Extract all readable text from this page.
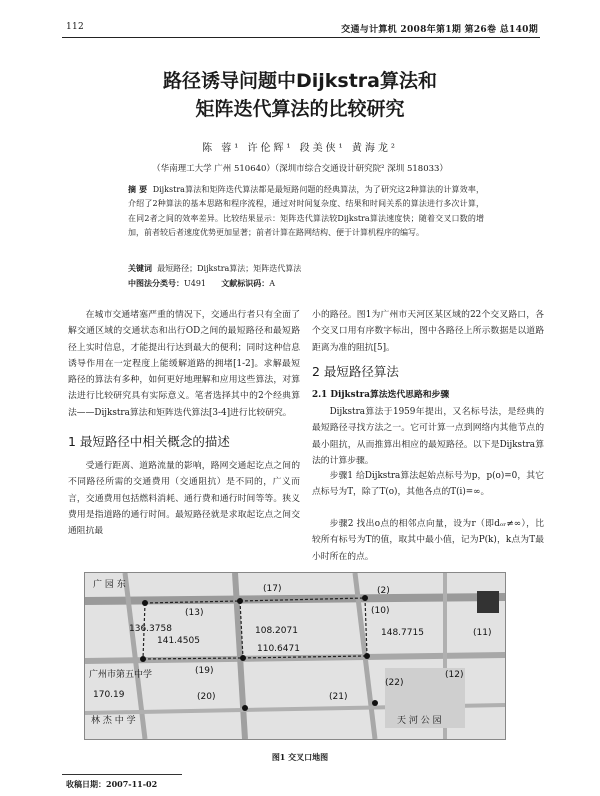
112	交通与计算机 2008年第1期 第26卷 总140期
路径诱导问题中Dijkstra算法和
矩阵迭代算法的比较研究
陈 蓉¹ 许伦辉¹ 段美侠¹ 黄海龙²
（华南理工大学 广州 510640）（深圳市综合交通设计研究院² 深圳 518033）
摘 要 Dijkstra算法和矩阵迭代算法都是最短路问题的经典算法，为了研究这2种算法的计算效率，介绍了2种算法的基本思路和程序流程，通过对时间复杂度、结果和时间关系的算法进行多次计算，在同2者之间的效率差异。比较结果显示：矩阵迭代算法较Dijkstra算法速度快；随着交叉口数的增加，前者较后者速度优势更加显著；前者计算在路网结构、便于计算机程序的编写。
关键词 最短路径；Dijkstra算法；矩阵迭代算法
中图法分类号：U491 文献标识码：A
在城市交通堵塞严重的情况下，交通出行者只有全面了解交通区域的交通状态和出行OD之间的最短路径和最短路径上实时信息，才能提出行达到最大的便利；同时这种信息诱导作用在一定程度上能缓解道路的拥堵[1-2]。求解最短路径的算法有多种，如何更好地理解和应用这些算法，对算法进行比较研究具有实际意义。笔者选择其中的2个经典算法——Dijkstra算法和矩阵迭代算法[3-4]进行比较研究。
1 最短路径中相关概念的描述
受通行距离、道路流量的影响，路网交通起讫点之间的不同路径所需的交通费用（交通阻抗）是不同的，广义而言，交通费用包括燃料消耗、通行费和通行时间等等。狭义费用是指道路的通行时间。最短路径就是求取起讫点之间交通阻抗最
小的路径。图1为广州市天河区某区域的22个交叉路口，各个交叉口用有序数字标出，图中各路径上所示数据是以道路距离为准的阻抗[5]。
2 最短路径算法
2.1 Dijkstra算法迭代思路和步骤
Dijkstra算法于1959年提出，又名标号法，是经典的最短路径寻找方法之一。它可计算一点到网络内其他节点的最小阻抗，从而推算出相应的最短路径。以下是Dijkstra算法的计算步骤。
步骤1 给Dijkstra算法起始点标号为p，p(o)=0，其它点标号为T，除了T(o)，其他各点的T(i)=∞。
步骤2 找出o点的相邻点向量，设为r（即dₒᵣ≠∞），比较所有标号为T的值，取其中最小值，记为P(k)，k点为T最小时所在的点。
广 园 东
136.3758
(13)
(17)	(2)
(10)
108.2071	148.7715
110.6471
141.4505
广州市第五中学
170.19
林 杰 中 学
(19)
(20)
(22)
(21)
(11)
(12)
天 河 公 园
图1 交叉口地图
收稿日期：2007-11-02
